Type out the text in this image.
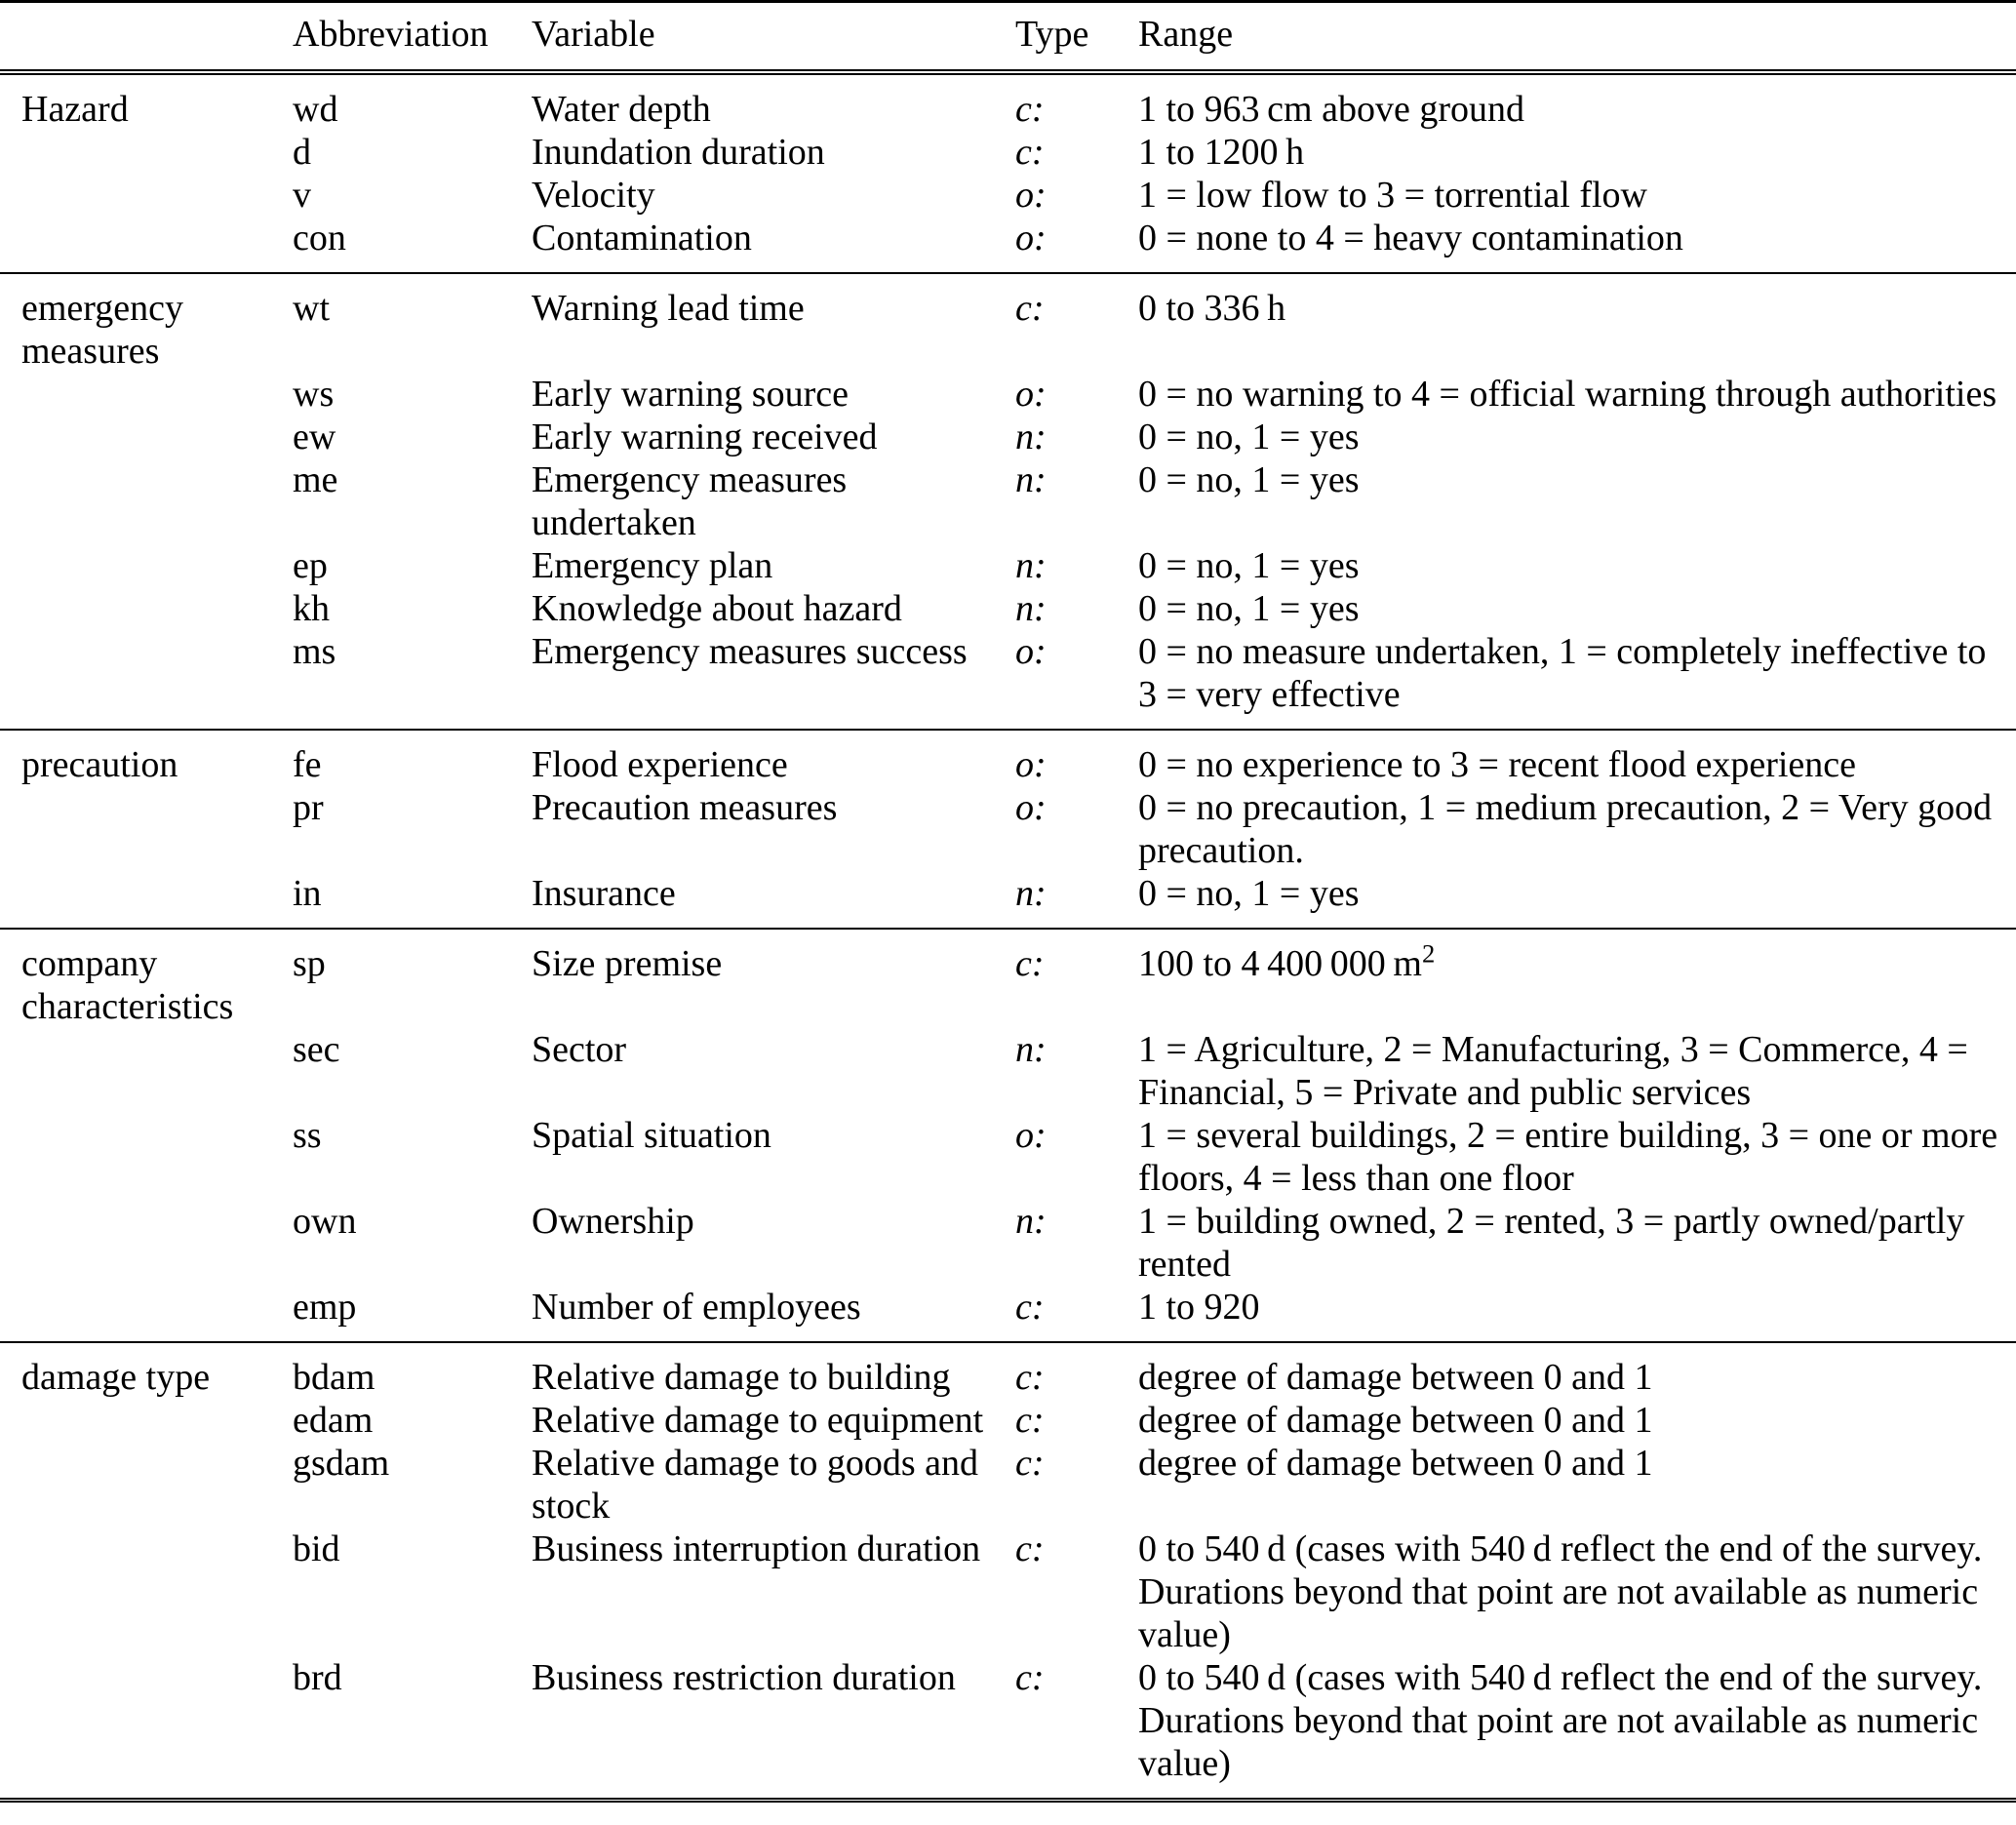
	Abbreviation	Variable	Type	Range
Hazard	wd	Water depth	c:	1 to 963 cm above ground
	d	Inundation duration	c:	1 to 1200 h
	v	Velocity	o:	1 = low flow to 3 = torrential flow
	con	Contamination	o:	0 = none to 4 = heavy contamination
emergency measures	wt	Warning lead time	c:	0 to 336 h
	ws	Early warning source	o:	0 = no warning to 4 = official warning through authorities
	ew	Early warning received	n:	0 = no, 1 = yes
	me	Emergency measures undertaken	n:	0 = no, 1 = yes
	ep	Emergency plan	n:	0 = no, 1 = yes
	kh	Knowledge about hazard	n:	0 = no, 1 = yes
	ms	Emergency measures success	o:	0 = no measure undertaken, 1 = completely ineffective to 3 = very effective
precaution	fe	Flood experience	o:	0 = no experience to 3 = recent flood experience
	pr	Precaution measures	o:	0 = no precaution, 1 = medium precaution, 2 = Very good precaution.
	in	Insurance	n:	0 = no, 1 = yes
company characteristics	sp	Size premise	c:	100 to 4 400 000 $m^2$
	sec	Sector	n:	1 = Agriculture, 2 = Manufacturing, 3 = Commerce, 4 = Financial, 5 = Private and public services
	ss	Spatial situation	o:	1 = several buildings, 2 = entire building, 3 = one or more floors, 4 = less than one floor
	own	Ownership	n:	1 = building owned, 2 = rented, 3 = partly owned/partly rented
	emp	Number of employees	c:	1 to 920
damage type	bdam	Relative damage to building	c:	degree of damage between 0 and 1
	edam	Relative damage to equipment	c:	degree of damage between 0 and 1
	gsdam	Relative damage to goods and stock	c:	degree of damage between 0 and 1
	bid	Business interruption duration	c:	0 to 540 d (cases with 540 d reflect the end of the survey. Durations beyond that point are not available as numeric value)
	brd	Business restriction duration	c:	0 to 540 d (cases with 540 d reflect the end of the survey. Durations beyond that point are not available as numeric value)
